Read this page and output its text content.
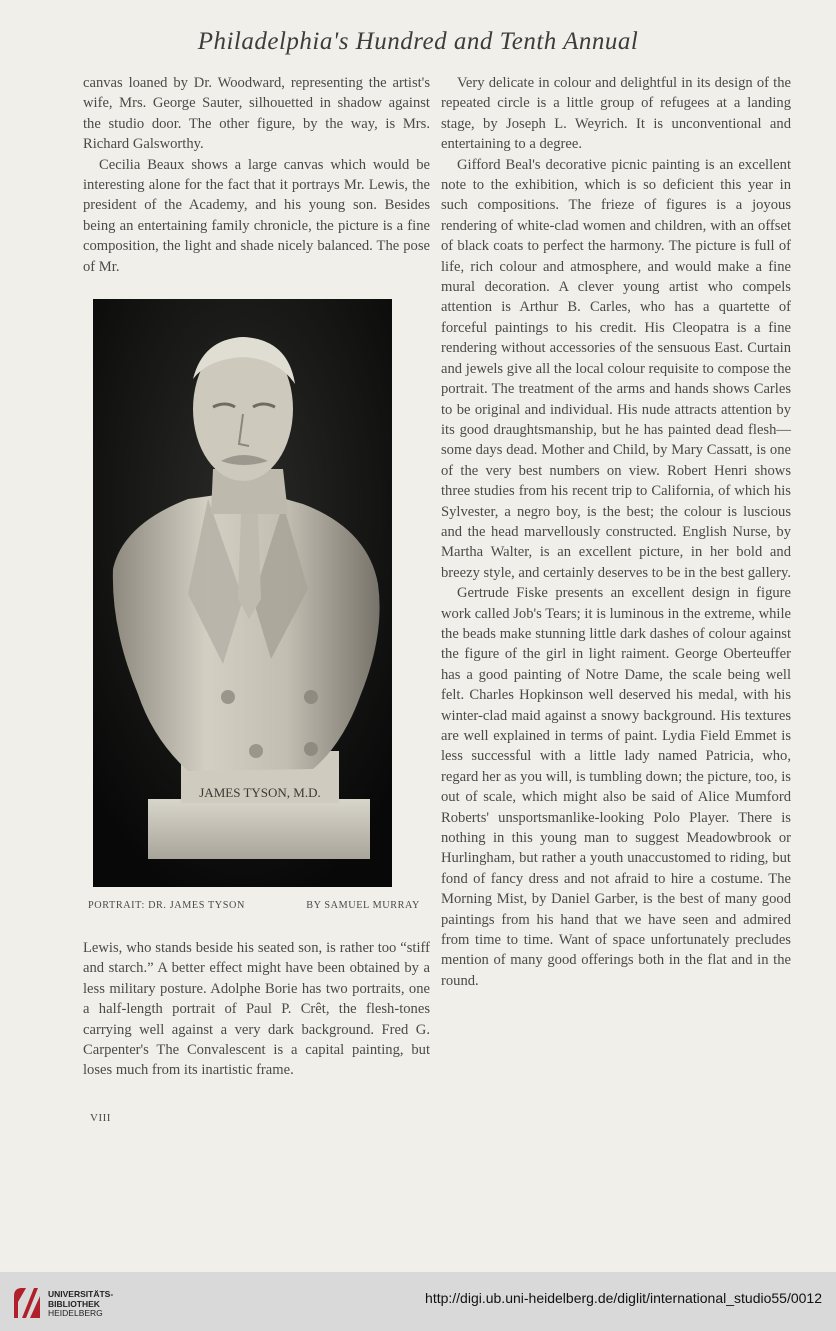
Philadelphia's Hundred and Tenth Annual

canvas loaned by Dr. Woodward, representing the artist's wife, Mrs. George Sauter, silhouetted in shadow against the studio door. The other figure, by the way, is Mrs. Richard Galsworthy.

Cecilia Beaux shows a large canvas which would be interesting alone for the fact that it portrays Mr. Lewis, the president of the Academy, and his young son. Besides being an entertaining family chronicle, the picture is a fine composition, the light and shade nicely balanced. The pose of Mr.

JAMES TYSON, M.D.
PORTRAIT: DR. JAMES TYSON	BY SAMUEL MURRAY

Lewis, who stands beside his seated son, is rather too “stiff and starch.” A better effect might have been obtained by a less military posture. Adolphe Borie has two portraits, one a half-length portrait of Paul P. Crêt, the flesh-tones carrying well against a very dark background. Fred G. Carpenter's The Convalescent is a capital painting, but loses much from its inartistic frame.

VIII

Very delicate in colour and delightful in its design of the repeated circle is a little group of refugees at a landing stage, by Joseph L. Weyrich. It is unconventional and entertaining to a degree.

Gifford Beal's decorative picnic painting is an excellent note to the exhibition, which is so deficient this year in such compositions. The frieze of figures is a joyous rendering of white-clad women and children, with an offset of black coats to perfect the harmony. The picture is full of life, rich colour and atmosphere, and would make a fine mural decoration. A clever young artist who compels attention is Arthur B. Carles, who has a quartette of forceful paintings to his credit. His Cleopatra is a fine rendering without accessories of the sensuous East. Curtain and jewels give all the local colour requisite to compose the portrait. The treatment of the arms and hands shows Carles to be original and individual. His nude attracts attention by its good draughtsmanship, but he has painted dead flesh—some days dead. Mother and Child, by Mary Cassatt, is one of the very best numbers on view. Robert Henri shows three studies from his recent trip to California, of which his Sylvester, a negro boy, is the best; the colour is luscious and the head marvellously constructed. English Nurse, by Martha Walter, is an excellent picture, in her bold and breezy style, and certainly deserves to be in the best gallery.

Gertrude Fiske presents an excellent design in figure work called Job's Tears; it is luminous in the extreme, while the beads make stunning little dark dashes of colour against the figure of the girl in light raiment. George Oberteuffer has a good painting of Notre Dame, the scale being well felt. Charles Hopkinson well deserved his medal, with his winter-clad maid against a snowy background. His textures are well explained in terms of paint. Lydia Field Emmet is less successful with a little lady named Patricia, who, regard her as you will, is tumbling down; the picture, too, is out of scale, which might also be said of Alice Mumford Roberts' unsportsmanlike-looking Polo Player. There is nothing in this young man to suggest Meadowbrook or Hurlingham, but rather a youth unaccustomed to riding, but fond of fancy dress and not afraid to hire a costume. The Morning Mist, by Daniel Garber, is the best of many good paintings from his hand that we have seen and admired from time to time. Want of space unfortunately precludes mention of many good offerings both in the flat and in the round.

UNIVERSITÄTS-
BIBLIOTHEK
HEIDELBERG
http://digi.ub.uni-heidelberg.de/diglit/international_studio55/0012
